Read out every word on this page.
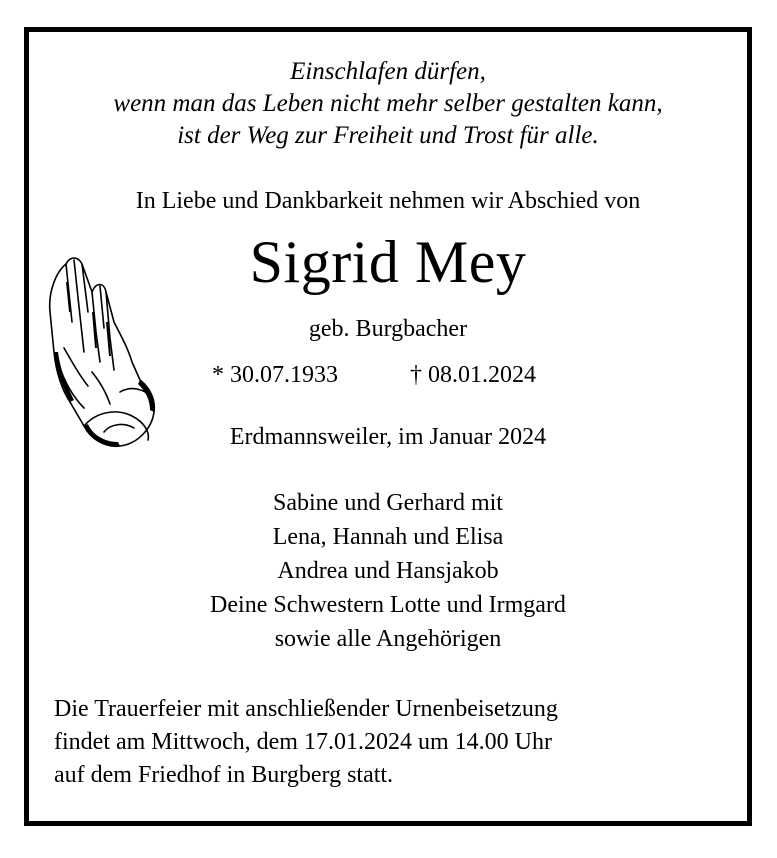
Einschlafen dürfen,
wenn man das Leben nicht mehr selber gestalten kann,
ist der Weg zur Freiheit und Trost für alle.
In Liebe und Dankbarkeit nehmen wir Abschied von
Sigrid Mey
geb. Burgbacher
* 30.07.1933	† 08.01.2024
Erdmannsweiler, im Januar 2024
Sabine und Gerhard mit
Lena, Hannah und Elisa
Andrea und Hansjakob
Deine Schwestern Lotte und Irmgard
sowie alle Angehörigen
Die Trauerfeier mit anschließender Urnenbeisetzung
findet am Mittwoch, dem 17.01.2024 um 14.00 Uhr
auf dem Friedhof in Burgberg statt.
